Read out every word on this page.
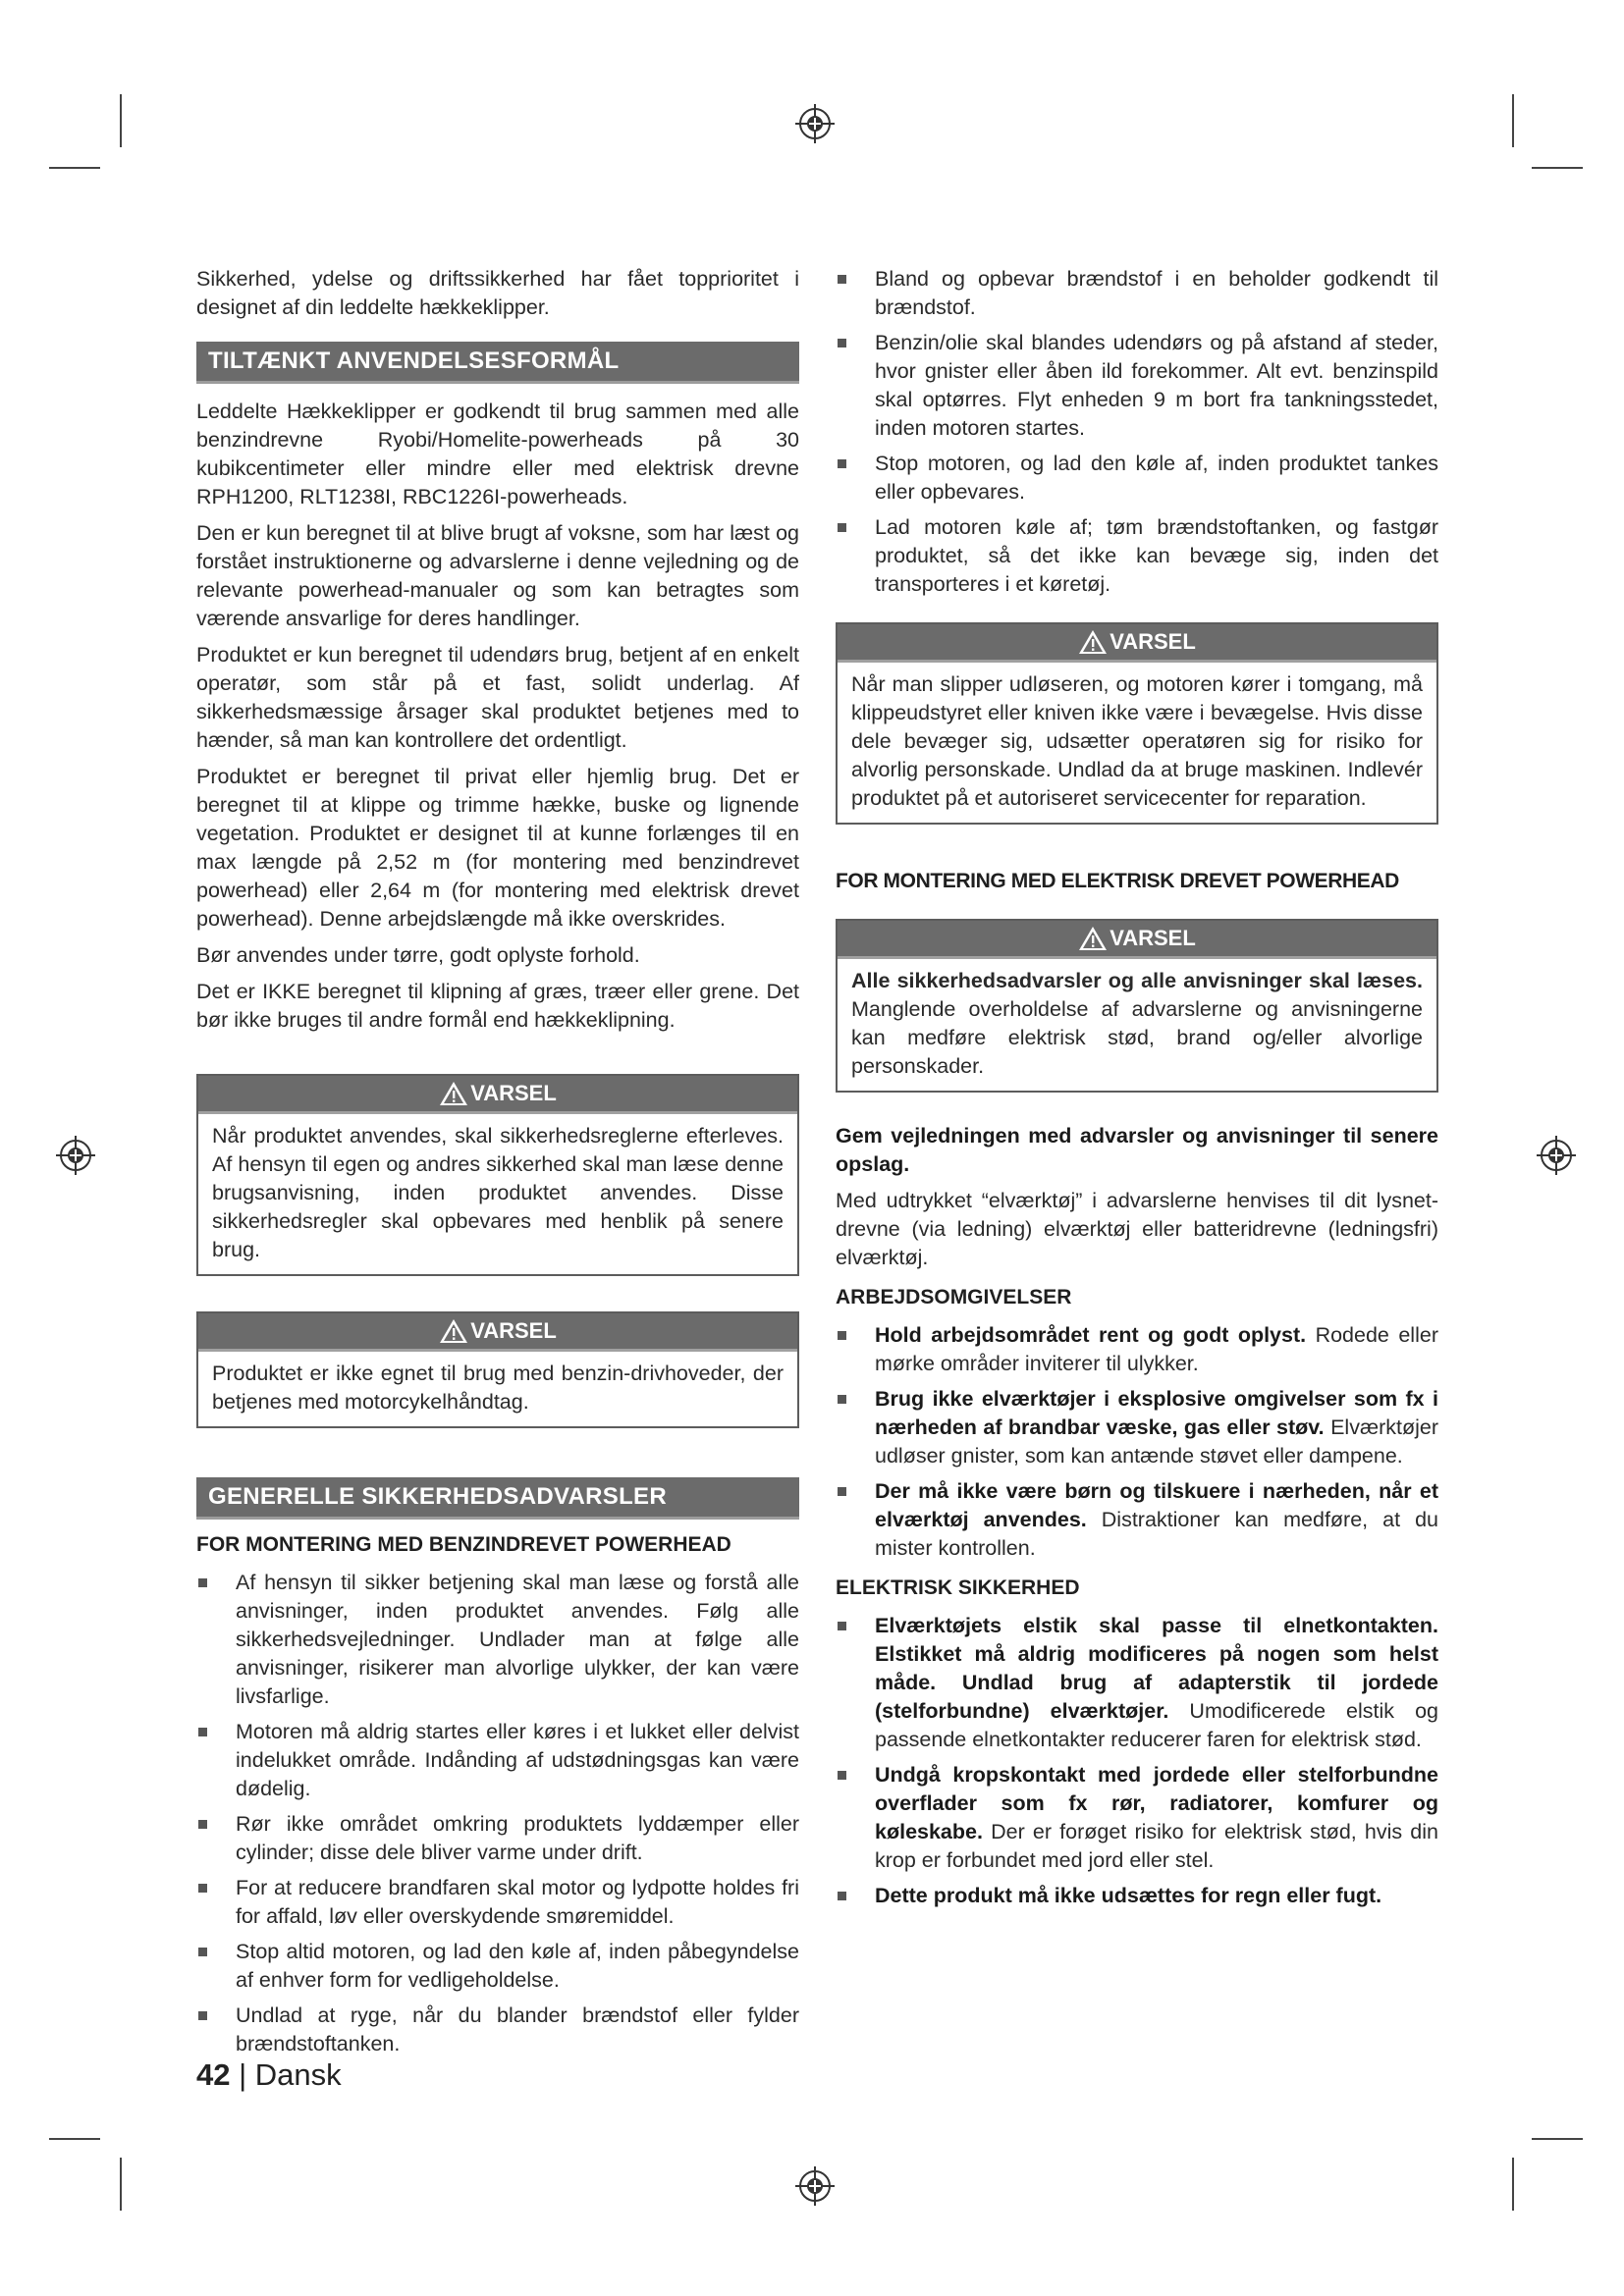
Sikkerhed, ydelse og driftssikkerhed har fået topprioritet i designet af din leddelte hækkeklipper.

TILTÆNKT ANVENDELSESFORMÅL

Leddelte Hækkeklipper er godkendt til brug sammen med alle benzindrevne Ryobi/Homelite-powerheads på 30 kubikcentimeter eller mindre eller med elektrisk drevne RPH1200, RLT1238I, RBC1226I-powerheads.

Den er kun beregnet til at blive brugt af voksne, som har læst og forstået instruktionerne og advarslerne i denne vejledning og de relevante powerhead-manualer og som kan betragtes som værende ansvarlige for deres handlinger.

Produktet er kun beregnet til udendørs brug, betjent af en enkelt operatør, som står på et fast, solidt underlag. Af sikkerhedsmæssige årsager skal produktet betjenes med to hænder, så man kan kontrollere det ordentligt.

Produktet er beregnet til privat eller hjemlig brug. Det er beregnet til at klippe og trimme hække, buske og lignende vegetation. Produktet er designet til at kunne forlænges til en max længde på 2,52 m (for montering med benzindrevet powerhead) eller 2,64 m (for montering med elektrisk drevet powerhead). Denne arbejdslængde må ikke overskrides.

Bør anvendes under tørre, godt oplyste forhold.

Det er IKKE beregnet til klipning af græs, træer eller grene. Det bør ikke bruges til andre formål end hækkeklipning.

VARSEL
Når produktet anvendes, skal sikkerhedsreglerne efterleves. Af hensyn til egen og andres sikkerhed skal man læse denne brugsanvisning, inden produktet anvendes. Disse sikkerhedsregler skal opbevares med henblik på senere brug.
VARSEL
Produktet er ikke egnet til brug med benzin-drivhoveder, der betjenes med motorcykelhåndtag.
GENERELLE SIKKERHEDSADVARSLER
FOR MONTERING MED BENZINDREVET POWERHEAD
Af hensyn til sikker betjening skal man læse og forstå alle anvisninger, inden produktet anvendes. Følg alle sikkerhedsvejledninger. Undlader man at følge alle anvisninger, risikerer man alvorlige ulykker, der kan være livsfarlige.
Motoren må aldrig startes eller køres i et lukket eller delvist indelukket område. Indånding af udstødningsgas kan være dødelig.
Rør ikke området omkring produktets lyddæmper eller cylinder; disse dele bliver varme under drift.
For at reducere brandfaren skal motor og lydpotte holdes fri for affald, løv eller overskydende smøremiddel.
Stop altid motoren, og lad den køle af, inden påbegyndelse af enhver form for vedligeholdelse.
Undlad at ryge, når du blander brændstof eller fylder brændstoftanken.
Bland og opbevar brændstof i en beholder godkendt til brændstof.
Benzin/olie skal blandes udendørs og på afstand af steder, hvor gnister eller åben ild forekommer. Alt evt. benzinspild skal optørres. Flyt enheden 9 m bort fra tankningsstedet, inden motoren startes.
Stop motoren, og lad den køle af, inden produktet tankes eller opbevares.
Lad motoren køle af; tøm brændstoftanken, og fastgør produktet, så det ikke kan bevæge sig, inden det transporteres i et køretøj.
VARSEL
Når man slipper udløseren, og motoren kører i tomgang, må klippeudstyret eller kniven ikke være i bevægelse. Hvis disse dele bevæger sig, udsætter operatøren sig for risiko for alvorlig personskade. Undlad da at bruge maskinen. Indlevér produktet på et autoriseret servicecenter for reparation.
FOR MONTERING MED ELEKTRISK DREVET POWERHEAD
VARSEL
Alle sikkerhedsadvarsler og alle anvisninger skal læses. Manglende overholdelse af advarslerne og anvisningerne kan medføre elektrisk stød, brand og/eller alvorlige personskader.

Gem vejledningen med advarsler og anvisninger til senere opslag.

Med udtrykket “elværktøj” i advarslerne henvises til dit lysnet-drevne (via ledning) elværktøj eller batteridrevne (ledningsfri) elværktøj.

ARBEJDSOMGIVELSER
Hold arbejdsområdet rent og godt oplyst. Rodede eller mørke områder inviterer til ulykker.
Brug ikke elværktøjer i eksplosive omgivelser som fx i nærheden af brandbar væske, gas eller støv. Elværktøjer udløser gnister, som kan antænde støvet eller dampene.
Der må ikke være børn og tilskuere i nærheden, når et elværktøj anvendes. Distraktioner kan medføre, at du mister kontrollen.
ELEKTRISK SIKKERHED
Elværktøjets elstik skal passe til elnetkontakten. Elstikket må aldrig modificeres på nogen som helst måde. Undlad brug af adapterstik til jordede (stelforbundne) elværktøjer. Umodificerede elstik og passende elnetkontakter reducerer faren for elektrisk stød.
Undgå kropskontakt med jordede eller stelforbundne overflader som fx rør, radiatorer, komfurer og køleskabe. Der er forøget risiko for elektrisk stød, hvis din krop er forbundet med jord eller stel.
Dette produkt må ikke udsættes for regn eller fugt.
42 | Dansk
